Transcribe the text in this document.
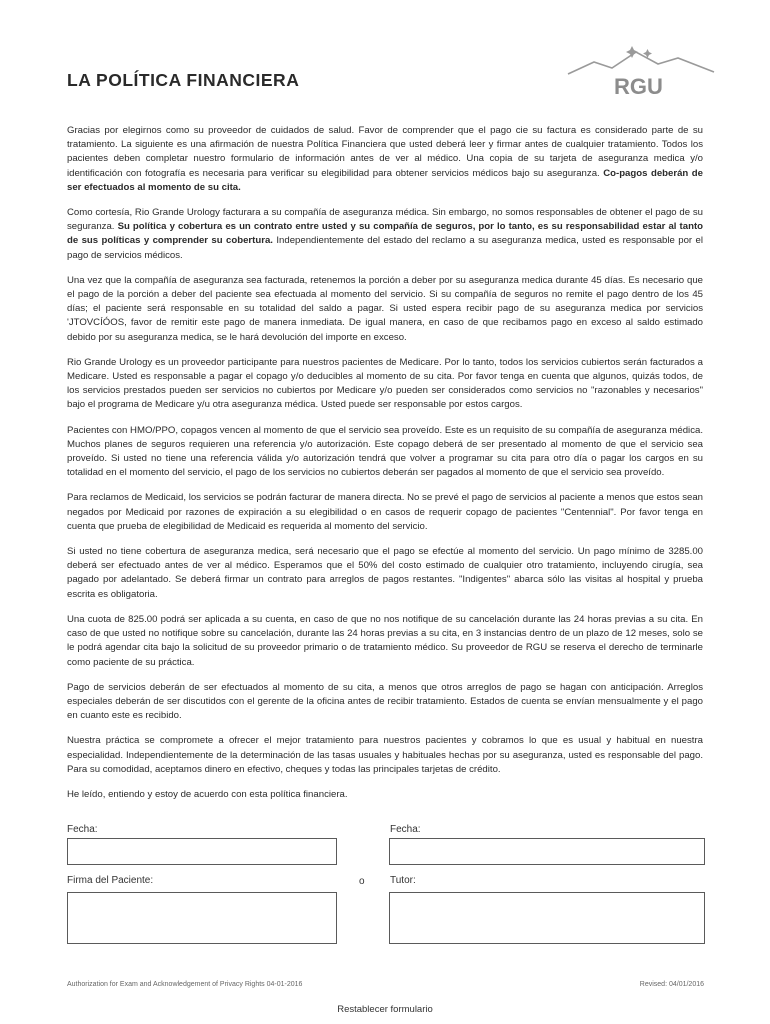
LA POLÍTICA FINANCIERA	RGU

Gracias por elegirnos como su proveedor de cuidados de salud. Favor de comprender que el pago cie su factura es considerado parte de su tratamiento. La siguiente es una afirmación de nuestra Política Financiera que usted deberá leer y firmar antes de cualquier tratamiento. Todos los pacientes deben completar nuestro formulario de información antes de ver al médico. Una copia de su tarjeta de aseguranza medica y/o identificación con fotografía es necesaria para verificar su elegibilidad para obtener servicios médicos bajo su aseguranza. Co-pagos deberán de ser efectuados al momento de su cita.

Como cortesía, Rio Grande Urology facturara a su compañía de aseguranza médica. Sin embargo, no somos responsables de obtener el pago de su seguranza. Su política y cobertura es un contrato entre usted y su compañía de seguros, por lo tanto, es su responsabilidad estar al tanto de sus políticas y comprender su cobertura. Independientemente del estado del reclamo a su aseguranza medica, usted es responsable por el pago de servicios médicos.

Una vez que la compañía de aseguranza sea facturada, retenemos la porción a deber por su aseguranza medica durante 45 días. Es necesario que el pago de la porción a deber del paciente sea efectuada al momento del servicio. Si su compañía de seguros no remite el pago dentro de los 45 días; el paciente será responsable en su totalidad del saldo a pagar. Si usted espera recibir pago de su aseguranza medica por servicios 'JTOVCÍÓOS, favor de remitir este pago de manera inmediata. De igual manera, en caso de que recibamos pago en exceso al saldo estimado debido por su aseguranza medica, se le hará devolución del importe en exceso.

Rio Grande Urology es un proveedor participante para nuestros pacientes de Medicare. Por lo tanto, todos los servicios cubiertos serán facturados a Medicare. Usted es responsable a pagar el copago y/o deducibles al momento de su cita. Por favor tenga en cuenta que algunos, quizás todos, de los servicios prestados pueden ser servicios no cubiertos por Medicare y/o pueden ser considerados como servicios no "razonables y necesarios" bajo el programa de Medicare y/u otra aseguranza médica. Usted puede ser responsable por estos cargos.

Pacientes con HMO/PPO, copagos vencen al momento de que el servicio sea proveído. Este es un requisito de su compañía de aseguranza médica. Muchos planes de seguros requieren una referencia y/o autorización. Este copago deberá de ser presentado al momento de que el servicio sea proveído. Si usted no tiene una referencia válida y/o autorización tendrá que volver a programar su cita para otro día o pagar los cargos en su totalidad en el momento del servicio, el pago de los servicios no cubiertos deberán ser pagados al momento de que el servicio sea proveído.

Para reclamos de Medicaid, los servicios se podrán facturar de manera directa. No se prevé el pago de servicios al paciente a menos que estos sean negados por Medicaid por razones de expiración a su elegibilidad o en casos de requerir copago de pacientes "Centennial". Por favor tenga en cuenta que prueba de elegibilidad de Medicaid es requerida al momento del servicio.

Si usted no tiene cobertura de aseguranza medica, será necesario que el pago se efectúe al momento del servicio. Un pago mínimo de 3285.00 deberá ser efectuado antes de ver al médico. Esperamos que el 50% del costo estimado de cualquier otro tratamiento, incluyendo cirugía, sea pagado por adelantado. Se deberá firmar un contrato para arreglos de pagos restantes. "Indigentes" abarca sólo las visitas al hospital y prueba escrita es obligatoria.

Una cuota de 825.00 podrá ser aplicada a su cuenta, en caso de que no nos notifique de su cancelación durante las 24 horas previas a su cita. En caso de que usted no notifique sobre su cancelación, durante las 24 horas previas a su cita, en 3 instancias dentro de un plazo de 12 meses, solo se le podrá agendar cita bajo la solicitud de su proveedor primario o de tratamiento médico. Su proveedor de RGU se reserva el derecho de terminarle como paciente de su práctica.

Pago de servicios deberán de ser efectuados al momento de su cita, a menos que otros arreglos de pago se hagan con anticipación. Arreglos especiales deberán de ser discutidos con el gerente de la oficina antes de recibir tratamiento. Estados de cuenta se envían mensualmente y el pago en cuanto este es recibido.

Nuestra práctica se compromete a ofrecer el mejor tratamiento para nuestros pacientes y cobramos lo que es usual y habitual en nuestra especialidad. Independientemente de la determinación de las tasas usuales y habituales hechas por su aseguranza, usted es responsable del pago. Para su comodidad, aceptamos dinero en efectivo, cheques y todas las principales tarjetas de crédito.

He leído, entiendo y estoy de acuerdo con esta política financiera.

Fecha:	Fecha:
Firma del Paciente:	o	Tutor:
Authorization for Exam and Acknowledgement of Privacy Rights 04-01-2016	Revised: 04/01/2016
Restablecer formulario
